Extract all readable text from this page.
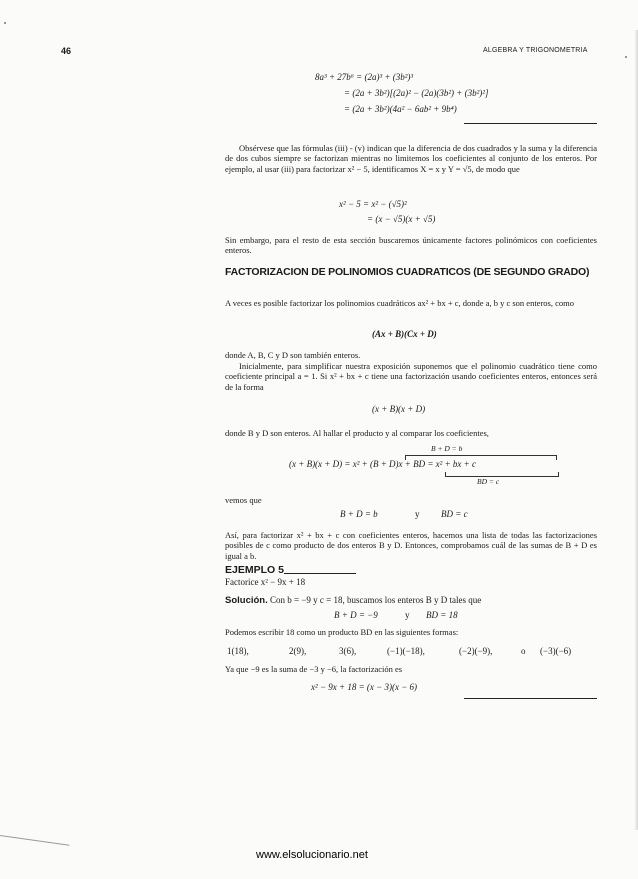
46	ALGEBRA Y TRIGONOMETRIA
8a³ + 27b⁶ = (2a)³ + (3b²)³
= (2a + 3b²)[(2a)² − (2a)(3b²) + (3b²)²]
= (2a + 3b²)(4a² − 6ab² + 9b⁴)
Obsérvese que las fórmulas (iii) - (v) indican que la diferencia de dos cuadrados y la suma y la diferencia de dos cubos siempre se factorizan mientras no limitemos los coeficientes al conjunto de los enteros. Por ejemplo, al usar (iii) para factorizar x² − 5, identificamos X = x y Y = √5, de modo que
x² − 5 = x² − (√5)²
= (x − √5)(x + √5)
Sin embargo, para el resto de esta sección buscaremos únicamente factores polinómicos con coeficientes enteros.
FACTORIZACION DE POLINOMIOS CUADRATICOS (DE SEGUNDO GRADO)
A veces es posible factorizar los polinomios cuadráticos ax² + bx + c, donde a, b y c son enteros, como
(Ax + B)(Cx + D)
donde A, B, C y D son también enteros.
Inicialmente, para simplificar nuestra exposición suponemos que el polinomio cuadrático tiene como coeficiente principal a = 1. Si x² + bx + c tiene una factorización usando coeficientes enteros, entonces será de la forma
(x + B)(x + D)
donde B y D son enteros. Al hallar el producto y al comparar los coeficientes,
B + D = b
(x + B)(x + D) = x² + (B + D)x + BD = x² + bx + c
BD = c
vemos que
B + D = b	y BD = c
Así, para factorizar x² + bx + c con coeficientes enteros, hacemos una lista de todas las factorizaciones posibles de c como producto de dos enteros B y D. Entonces, comprobamos cuál de las sumas de B + D es igual a b.
EJEMPLO 5
Factorice x² − 9x + 18
Solución. Con b = −9 y c = 18, buscamos los enteros B y D tales que
B + D = −9	y BD = 18
Podemos escribir 18 como un producto BD en las siguientes formas:
1(18),	2(9),	3(6),	(−1)(−18),	(−2)(−9),	o (−3)(−6)
Ya que −9 es la suma de −3 y −6, la factorización es
x² − 9x + 18 = (x − 3)(x − 6)
www.elsolucionario.net
